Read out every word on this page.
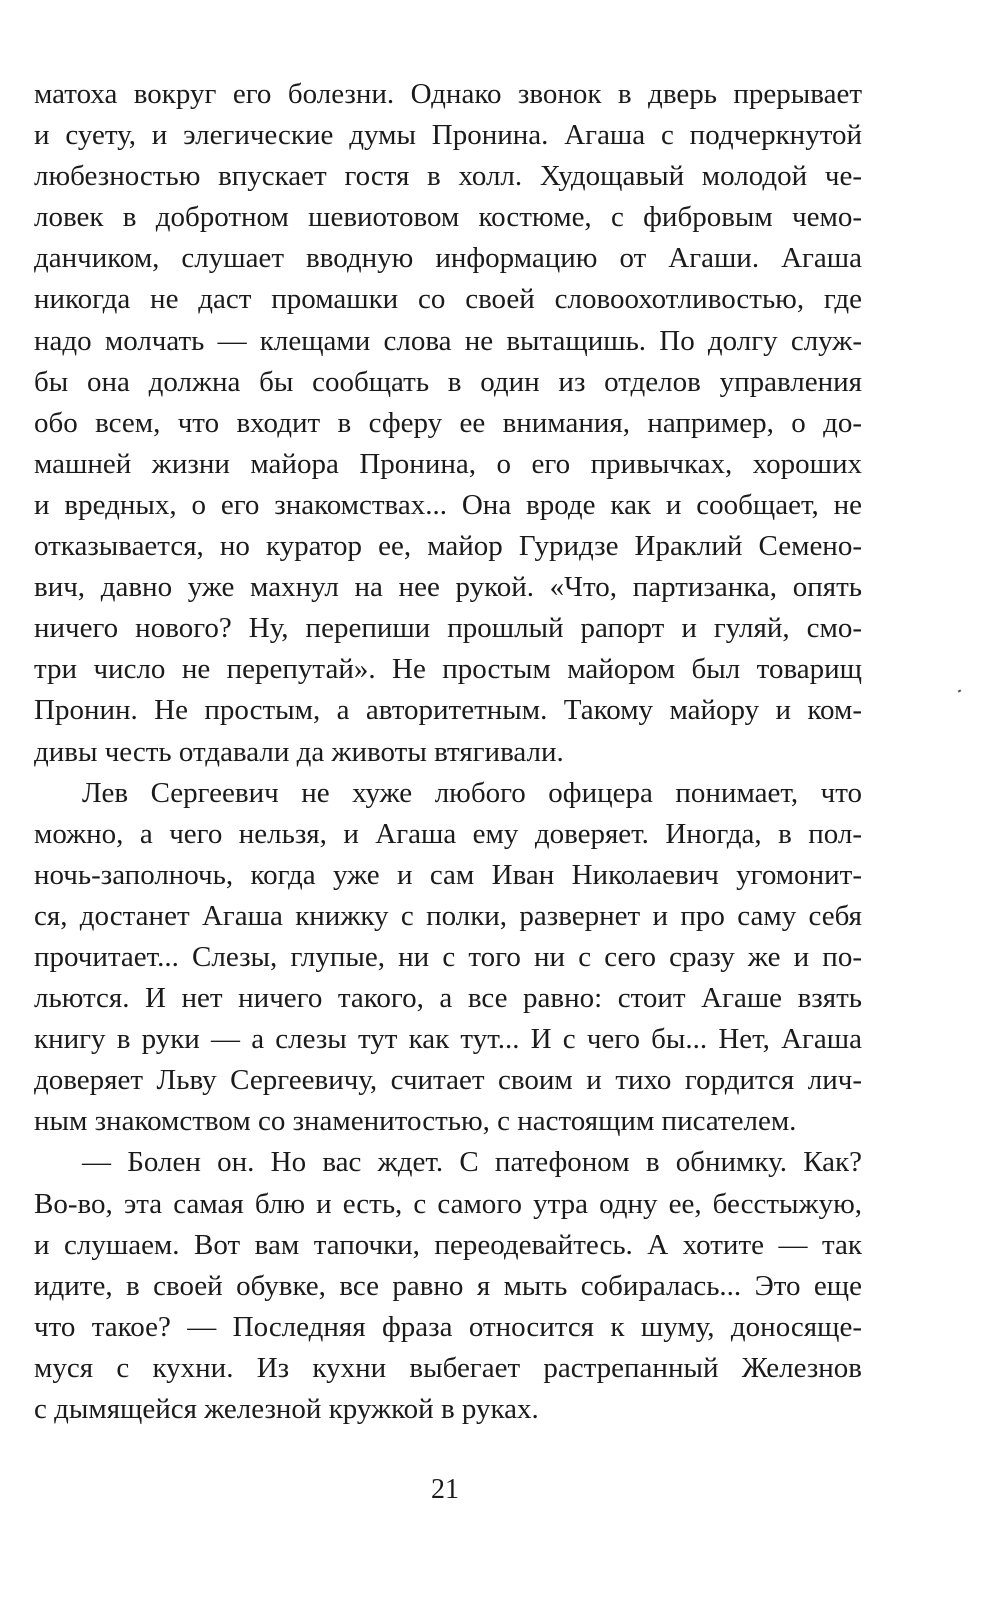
матоха вокруг его болезни. Однако звонок в дверь прерывает
и суету, и элегические думы Пронина. Агаша с подчеркнутой
любезностью впускает гостя в холл. Худощавый молодой че-
ловек в добротном шевиотовом костюме, с фибровым чемо-
данчиком, слушает вводную информацию от Агаши. Агаша
никогда не даст промашки со своей словоохотливостью, где
надо молчать — клещами слова не вытащишь. По долгу служ-
бы она должна бы сообщать в один из отделов управления
обо всем, что входит в сферу ее внимания, например, о до-
машней жизни майора Пронина, о его привычках, хороших
и вредных, о его знакомствах... Она вроде как и сообщает, не
отказывается, но куратор ее, майор Гуридзе Ираклий Семено-
вич, давно уже махнул на нее рукой. «Что, партизанка, опять
ничего нового? Ну, перепиши прошлый рапорт и гуляй, смо-
три число не перепутай». Не простым майором был товарищ
Пронин. Не простым, а авторитетным. Такому майору и ком-
дивы честь отдавали да животы втягивали.
Лев Сергеевич не хуже любого офицера понимает, что
можно, а чего нельзя, и Агаша ему доверяет. Иногда, в пол-
ночь-заполночь, когда уже и сам Иван Николаевич угомонит-
ся, достанет Агаша книжку с полки, развернет и про саму себя
прочитает... Слезы, глупые, ни с того ни с сего сразу же и по-
льются. И нет ничего такого, а все равно: стоит Агаше взять
книгу в руки — а слезы тут как тут... И с чего бы... Нет, Агаша
доверяет Льву Сергеевичу, считает своим и тихо гордится лич-
ным знакомством со знаменитостью, с настоящим писателем.
— Болен он. Но вас ждет. С патефоном в обнимку. Как?
Во-во, эта самая блю и есть, с самого утра одну ее, бесстыжую,
и слушаем. Вот вам тапочки, переодевайтесь. А хотите — так
идите, в своей обувке, все равно я мыть собиралась... Это еще
что такое? — Последняя фраза относится к шуму, доносяще-
муся с кухни. Из кухни выбегает растрепанный Железнов
с дымящейся железной кружкой в руках.
21
